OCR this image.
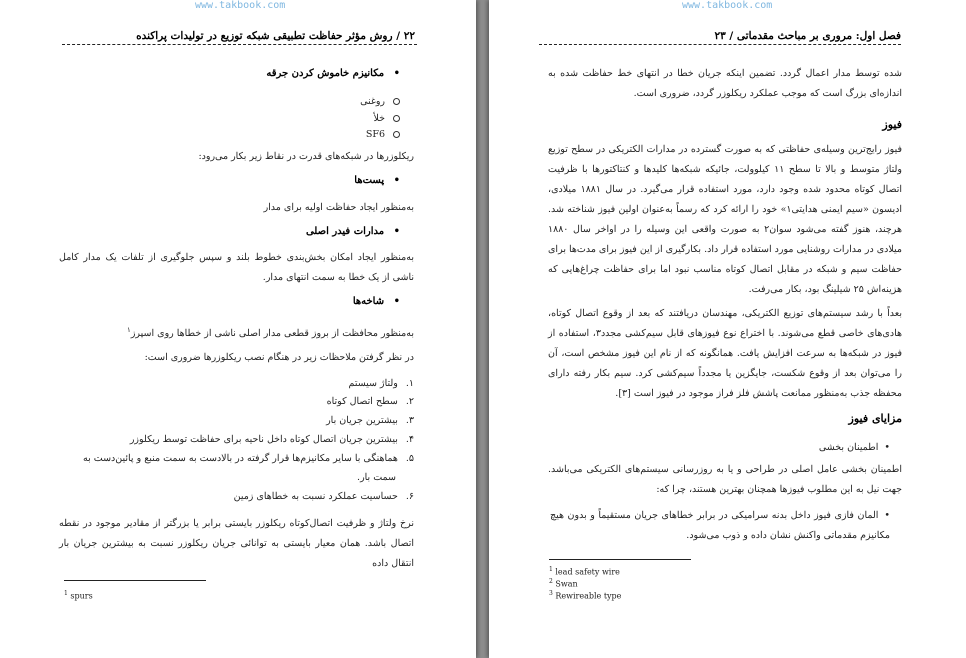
www.takbook.com
۲۲ / روش مؤثر حفاظت تطبیقی شبکه توزیع در تولیدات پراکنده
• مکانیزم خاموش کردن جرقه
روغنی
خلأ
SF6
ریکلوزرها در شبکه‌های قدرت در نقاط زیر بکار می‌رود:
• پست‌ها
به‌منظور ایجاد حفاظت اولیه برای مدار
• مدارات فیدر اصلی
به‌منظور ایجاد امکان بخش‌بندی خطوط بلند و سپس جلوگیری از تلفات یک مدار کامل ناشی از یک خطا به سمت انتهای مدار.
• شاخه‌ها
به‌منظور محافظت از بروز قطعی مدار اصلی ناشی از خطاها روی اسپرز$^۱$
در نظر گرفتن ملاحظات زیر در هنگام نصب ریکلوزرها ضروری است:
۱.ولتاژ سیستم
۲.سطح اتصال کوتاه
۳.بیشترین جریان بار
۴.بیشترین جریان اتصال کوتاه داخل ناحیه برای حفاظت توسط ریکلوزر
۵.هماهنگی با سایر مکانیزم‌ها قرار گرفته در بالادست به سمت منبع و پائین‌دست به
سمت بار.
۶.حساسیت عملکرد نسبت به خطاهای زمین
نرخ ولتاژ و ظرفیت اتصال‌کوتاه ریکلوزر بایستی برابر یا بزرگتر از مقادیر موجود در نقطه اتصال باشد. همان معیار بایستی به توانائی جریان ریکلوزر نسبت به بیشترین جریان بار انتقال داده
$^1$ spurs
www.takbook.com
فصل اول: مروری بر مباحث مقدماتی / ۲۳
شده توسط مدار اعمال گردد. تضمین اینکه جریان خطا در انتهای خط حفاظت شده به اندازه‌ای بزرگ است که موجب عملکرد ریکلوزر گردد، ضروری است.
فیوز
فیوز رایج‌ترین وسیله‌ی حفاظتی که به صورت گسترده در مدارات الکتریکی در سطح توزیع ولتاژ متوسط و بالا تا سطح ۱۱ کیلوولت، جائیکه شبکه‌ها کلیدها و کنتاکتورها با ظرفیت اتصال کوتاه محدود شده وجود دارد، مورد استفاده قرار می‌گیرد. در سال ۱۸۸۱ میلادی، ادیسون «سیم ایمنی هدایتی۱» خود را ارائه کرد که رسماً به‌عنوان اولین فیوز شناخته شد. هرچند، هنوز گفته می‌شود سوان۲ به صورت واقعی این وسیله را در اواخر سال ۱۸۸۰ میلادی در مدارات روشنایی مورد استفاده قرار داد. بکارگیری از این فیوز برای مدت‌ها برای حفاظت سیم و شبکه در مقابل اتصال کوتاه مناسب نبود اما برای حفاظت چراغ‌هایی که هزینه‌اش ۲۵ شیلینگ بود، بکار می‌رفت.
بعداً با رشد سیستم‌های توزیع الکتریکی، مهندسان دریافتند که بعد از وقوع اتصال کوتاه، هادی‌های خاصی قطع می‌شوند. با اختراع نوع فیوزهای قابل سیم‌کشی مجدد۳، استفاده از فیوز در شبکه‌ها به سرعت افزایش یافت. همانگونه که از نام این فیوز مشخص است، آن را می‌توان بعد از وقوع شکست، جایگزین یا مجدداً سیم‌کشی کرد. سیم بکار رفته دارای محفظه جذب به‌منظور ممانعت پاشش فلز فراز موجود در فیوز است [۳].
مزایای فیوز
•اطمینان بخشی
اطمینان بخشی عامل اصلی در طراحی و یا به روزرسانی سیستم‌های الکتریکی می‌باشد. جهت نیل به این مطلوب فیوزها همچنان بهترین هستند، چرا که:
•المان فازی فیوز داخل بدنه سرامیکی در برابر خطاهای جریان مستقیماً و بدون هیچ مکانیزم مقدماتی واکنش نشان داده و ذوب می‌شود.
$^1$ lead safety wire
$^2$ Swan
$^3$ Rewireable type
